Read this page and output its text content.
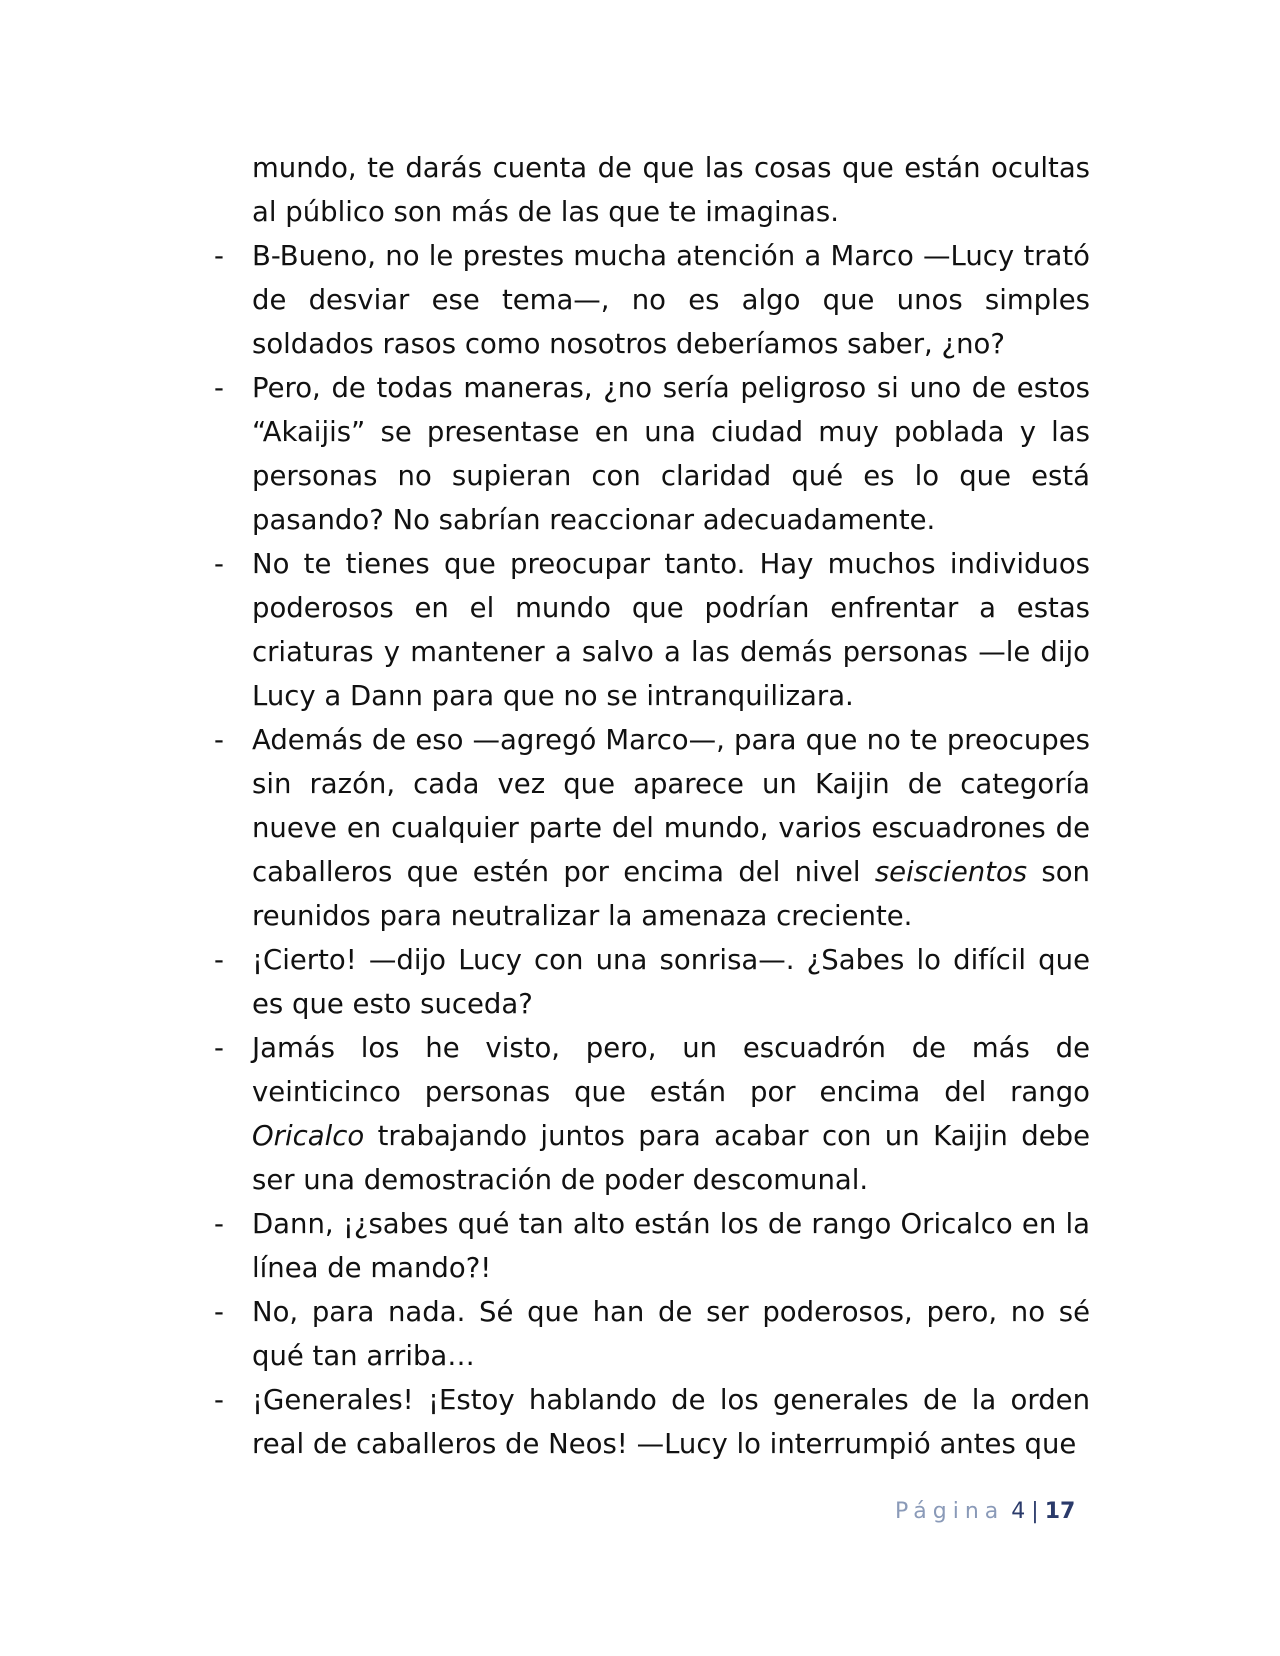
mundo, te darás cuenta de que las cosas que están ocultas al público son más de las que te imaginas.

- B-Bueno, no le prestes mucha atención a Marco —Lucy trató de desviar ese tema—, no es algo que unos simples soldados rasos como nosotros deberíamos saber, ¿no?

- Pero, de todas maneras, ¿no sería peligroso si uno de estos “Akaijis” se presentase en una ciudad muy poblada y las personas no supieran con claridad qué es lo que está pasando? No sabrían reaccionar adecuadamente.

- No te tienes que preocupar tanto. Hay muchos individuos poderosos en el mundo que podrían enfrentar a estas criaturas y mantener a salvo a las demás personas —le dijo Lucy a Dann para que no se intranquilizara.

- Además de eso —agregó Marco—, para que no te preocupes sin razón, cada vez que aparece un Kaijin de categoría nueve en cualquier parte del mundo, varios escuadrones de caballeros que estén por encima del nivel seiscientos son reunidos para neutralizar la amenaza creciente.

- ¡Cierto! —dijo Lucy con una sonrisa—. ¿Sabes lo difícil que es que esto suceda?

- Jamás los he visto, pero, un escuadrón de más de veinticinco personas que están por encima del rango Oricalco trabajando juntos para acabar con un Kaijin debe ser una demostración de poder descomunal.

- Dann, ¡¿sabes qué tan alto están los de rango Oricalco en la línea de mando?!

- No, para nada. Sé que han de ser poderosos, pero, no sé qué tan arriba…

- ¡Generales! ¡Estoy hablando de los generales de la orden real de caballeros de Neos! —Lucy lo interrumpió antes que

Página 4 | 17
